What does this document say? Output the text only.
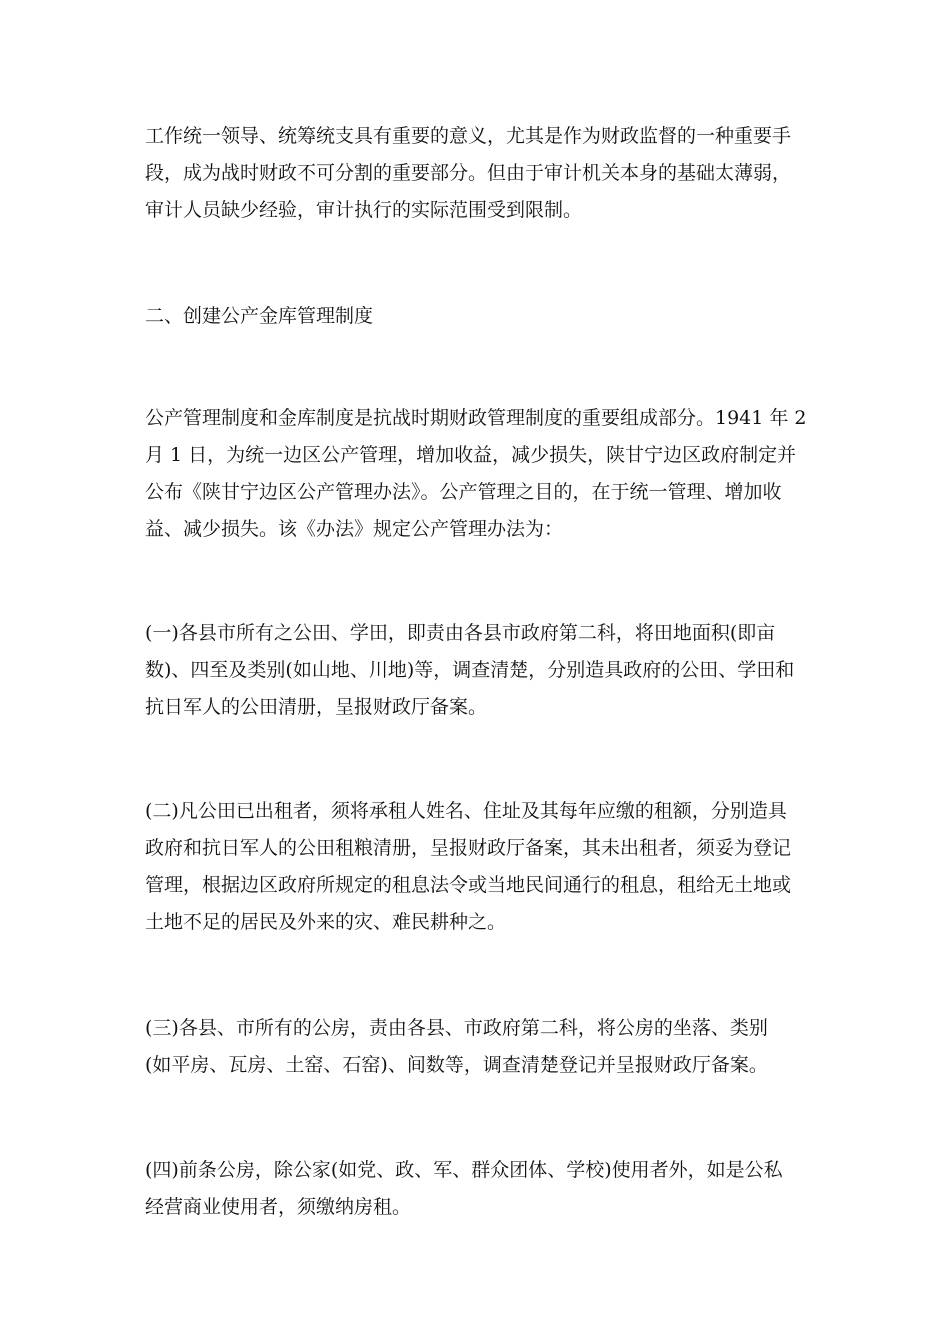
工作统一领导、统筹统支具有重要的意义，尤其是作为财政监督的一种重要手
段，成为战时财政不可分割的重要部分。但由于审计机关本身的基础太薄弱，
审计人员缺少经验，审计执行的实际范围受到限制。

二、创建公产金库管理制度

公产管理制度和金库制度是抗战时期财政管理制度的重要组成部分。1941 年 2
月 1 日，为统一边区公产管理，增加收益，减少损失，陕甘宁边区政府制定并
公布《陕甘宁边区公产管理办法》。公产管理之目的，在于统一管理、增加收
益、减少损失。该《办法》规定公产管理办法为：

(一)各县市所有之公田、学田，即责由各县市政府第二科，将田地面积(即亩
数)、四至及类别(如山地、川地)等，调查清楚，分别造具政府的公田、学田和
抗日军人的公田清册，呈报财政厅备案。

(二)凡公田已出租者，须将承租人姓名、住址及其每年应缴的租额，分别造具
政府和抗日军人的公田租粮清册，呈报财政厅备案，其未出租者，须妥为登记
管理，根据边区政府所规定的租息法令或当地民间通行的租息，租给无土地或
土地不足的居民及外来的灾、难民耕种之。

(三)各县、市所有的公房，责由各县、市政府第二科，将公房的坐落、类别
(如平房、瓦房、土窑、石窑)、间数等，调查清楚登记并呈报财政厅备案。

(四)前条公房，除公家(如党、政、军、群众团体、学校)使用者外，如是公私
经营商业使用者，须缴纳房租。
